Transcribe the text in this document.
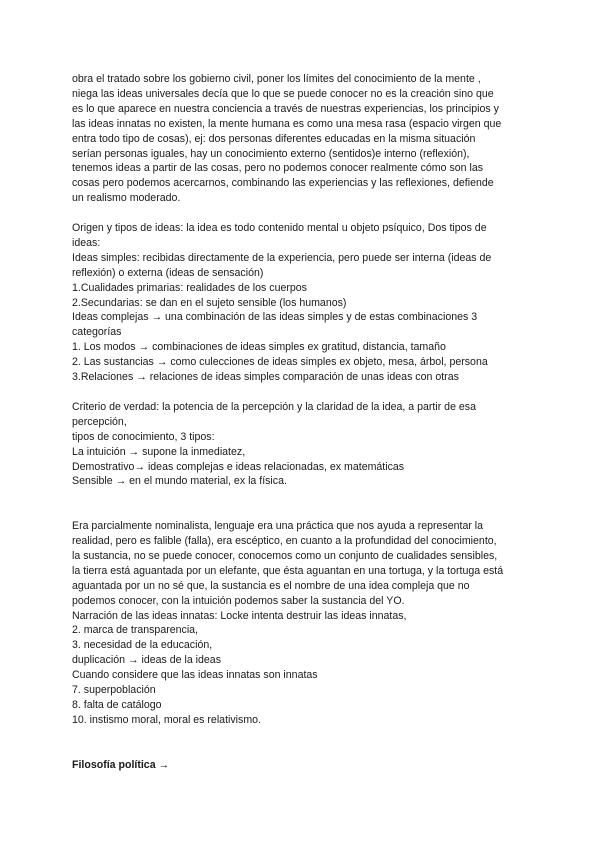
obra el tratado sobre los gobierno civil, poner los límites del conocimiento de la mente ,
niega las ideas universales decía que lo que se puede conocer no es la creación sino que
es lo que aparece en nuestra conciencia a través de nuestras experiencias, los principios y
las ideas innatas no existen, la mente humana es como una mesa rasa (espacio virgen que
entra todo tipo de cosas), ej: dos personas diferentes educadas en la misma situación
serían personas iguales, hay un conocimiento externo (sentidos)e interno (reflexión),
tenemos ideas a partir de las cosas, pero no podemos conocer realmente cómo son las
cosas pero podemos acercarnos, combinando las experiencias y las reflexiones, defiende
un realismo moderado.
Origen y tipos de ideas: la idea es todo contenido mental u objeto psíquico, Dos tipos de
ideas:
Ideas simples: recibidas directamente de la experiencia, pero puede ser interna (ideas de
reflexión) o externa (ideas de sensación)
1.Cualidades primarias: realidades de los cuerpos
2.Secundarias: se dan en el sujeto sensible (los humanos)
Ideas complejas → una combinación de las ideas simples y de estas combinaciones 3
categorías
1. Los modos → combinaciones de ideas simples ex gratitud, distancia, tamaño
2. Las sustancias → como culecciones de ideas simples ex objeto, mesa, árbol, persona
3.Relaciones → relaciones de ideas simples comparación de unas ideas con otras
Criterio de verdad: la potencia de la percepción y la claridad de la idea, a partir de esa
percepción,
tipos de conocimiento, 3 tipos:
La intuición → supone la inmediatez,
Demostrativo→ ideas complejas e ideas relacionadas, ex matemáticas
Sensible → en el mundo material, ex la física.
Era parcialmente nominalista, lenguaje era una práctica que nos ayuda a representar la
realidad, pero es falible (falla), era escéptico, en cuanto a la profundidad del conocimiento,
la sustancia, no se puede conocer, conocemos como un conjunto de cualidades sensibles,
la tierra está aguantada por un elefante, que ésta aguantan en una tortuga, y la tortuga está
aguantada por un no sé que, la sustancia es el nombre de una idea compleja que no
podemos conocer, con la intuición podemos saber la sustancia del YO.
Narración de las ideas innatas: Locke intenta destruir las ideas innatas,
2. marca de transparencia,
3. necesidad de la educación,
duplicación → ideas de la ideas
Cuando considere que las ideas innatas son innatas
7. superpoblación
8. falta de catálogo
10. instismo moral, moral es relativismo.
Filosofía política →
